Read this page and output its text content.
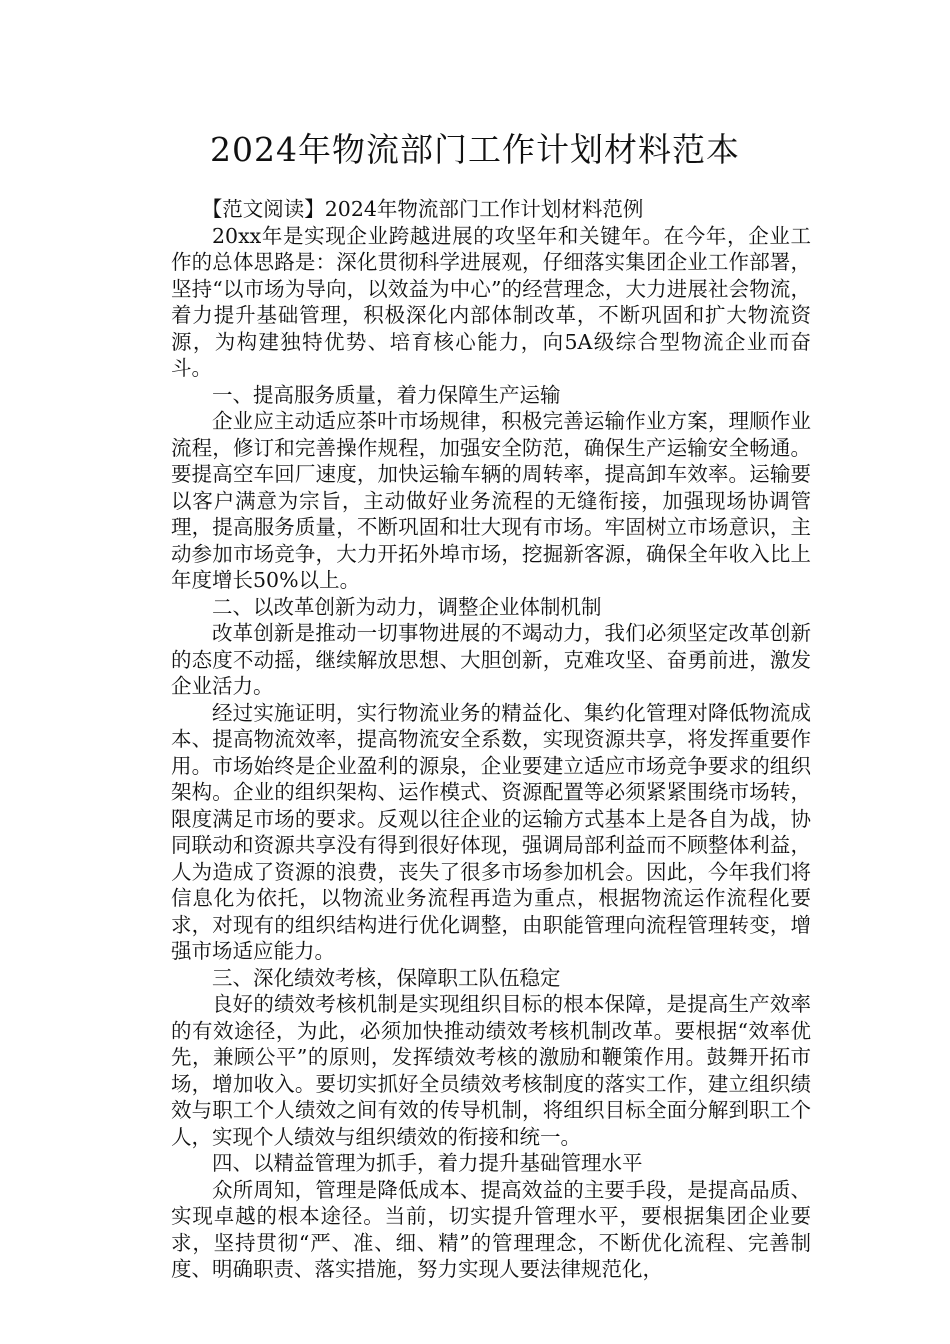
2024年物流部门工作计划材料范本

【范文阅读】2024年物流部门工作计划材料范例

20xx年是实现企业跨越进展的攻坚年和关键年。在今年，企业工作的总体思路是：深化贯彻科学进展观，仔细落实集团企业工作部署，坚持“以市场为导向，以效益为中心”的经营理念，大力进展社会物流，着力提升基础管理，积极深化内部体制改革，不断巩固和扩大物流资源，为构建独特优势、培育核心能力，向5A级综合型物流企业而奋斗。

一、提高服务质量，着力保障生产运输

企业应主动适应茶叶市场规律，积极完善运输作业方案，理顺作业流程，修订和完善操作规程，加强安全防范，确保生产运输安全畅通。要提高空车回厂速度，加快运输车辆的周转率，提高卸车效率。运输要以客户满意为宗旨，主动做好业务流程的无缝衔接，加强现场协调管理，提高服务质量，不断巩固和壮大现有市场。牢固树立市场意识，主动参加市场竞争，大力开拓外埠市场，挖掘新客源，确保全年收入比上年度增长50%以上。

二、以改革创新为动力，调整企业体制机制

改革创新是推动一切事物进展的不竭动力，我们必须坚定改革创新的态度不动摇，继续解放思想、大胆创新，克难攻坚、奋勇前进，激发企业活力。

经过实施证明，实行物流业务的精益化、集约化管理对降低物流成本、提高物流效率，提高物流安全系数，实现资源共享，将发挥重要作用。市场始终是企业盈利的源泉，企业要建立适应市场竞争要求的组织架构。企业的组织架构、运作模式、资源配置等必须紧紧围绕市场转，限度满足市场的要求。反观以往企业的运输方式基本上是各自为战，协同联动和资源共享没有得到很好体现，强调局部利益而不顾整体利益，人为造成了资源的浪费，丧失了很多市场参加机会。因此，今年我们将信息化为依托，以物流业务流程再造为重点，根据物流运作流程化要求，对现有的组织结构进行优化调整，由职能管理向流程管理转变，增强市场适应能力。

三、深化绩效考核，保障职工队伍稳定

良好的绩效考核机制是实现组织目标的根本保障，是提高生产效率的有效途径，为此，必须加快推动绩效考核机制改革。要根据“效率优先，兼顾公平”的原则，发挥绩效考核的激励和鞭策作用。鼓舞开拓市场，增加收入。要切实抓好全员绩效考核制度的落实工作，建立组织绩效与职工个人绩效之间有效的传导机制，将组织目标全面分解到职工个人，实现个人绩效与组织绩效的衔接和统一。

四、以精益管理为抓手，着力提升基础管理水平

众所周知，管理是降低成本、提高效益的主要手段，是提高品质、实现卓越的根本途径。当前，切实提升管理水平，要根据集团企业要求，坚持贯彻“严、准、细、精”的管理理念，不断优化流程、完善制度、明确职责、落实措施，努力实现人要法律规范化，
